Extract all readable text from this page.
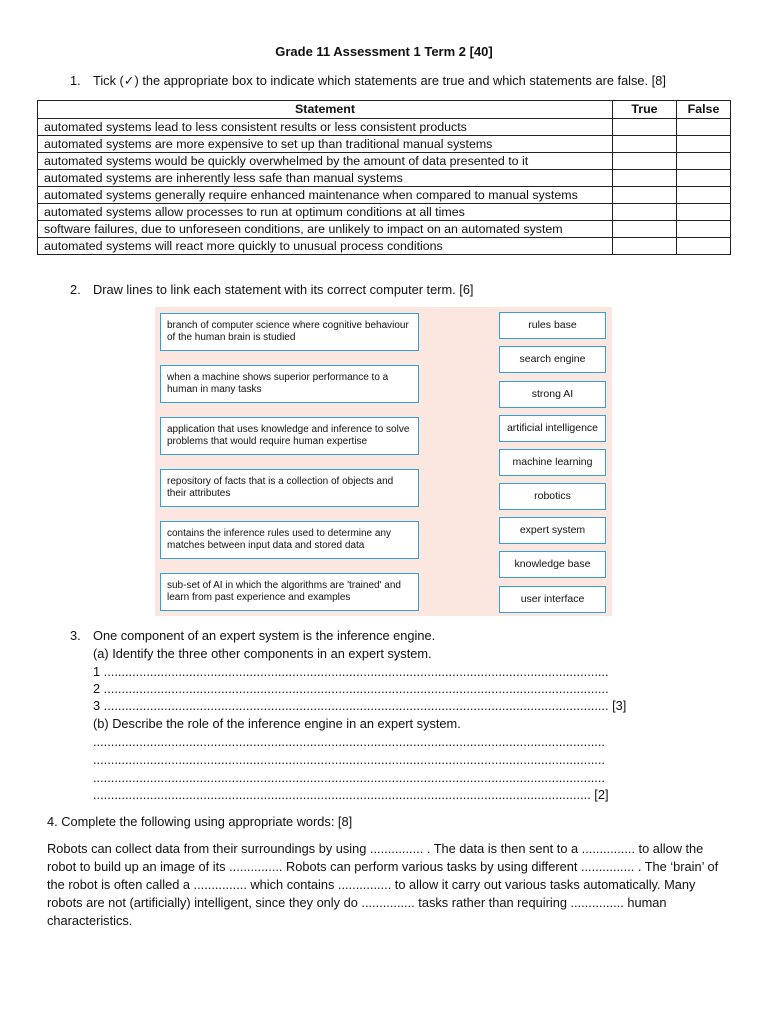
Grade 11 Assessment 1 Term 2 [40]
1. Tick (✓) the appropriate box to indicate which statements are true and which statements are false. [8]
Statement	True	False
automated systems lead to less consistent results or less consistent products		
automated systems are more expensive to set up than traditional manual systems		
automated systems would be quickly overwhelmed by the amount of data presented to it		
automated systems are inherently less safe than manual systems		
automated systems generally require enhanced maintenance when compared to manual systems		
automated systems allow processes to run at optimum conditions at all times		
software failures, due to unforeseen conditions, are unlikely to impact on an automated system		
automated systems will react more quickly to unusual process conditions		
2. Draw lines to link each statement with its correct computer term. [6]
branch of computer science where cognitive behaviour of the human brain is studied
when a machine shows superior performance to a human in many tasks
application that uses knowledge and inference to solve problems that would require human expertise
repository of facts that is a collection of objects and their attributes
contains the inference rules used to determine any matches between input data and stored data
sub-set of AI in which the algorithms are 'trained' and learn from past experience and examples
rules base
search engine
strong AI
artificial intelligence
machine learning
robotics
expert system
knowledge base
user interface
3. One component of an expert system is the inference engine.
(a) Identify the three other components in an expert system.
1 ..............................................................................................................................................
2 ..............................................................................................................................................
3 .............................................................................................................................................. [3]
(b) Describe the role of the inference engine in an expert system.
................................................................................................................................................
................................................................................................................................................
................................................................................................................................................
............................................................................................................................................ [2]
4. Complete the following using appropriate words: [8]
Robots can collect data from their surroundings by using ............... . The data is then sent to a ............... to allow the robot to build up an image of its ............... Robots can perform various tasks by using different ............... . The ‘brain’ of the robot is often called a ............... which contains ............... to allow it carry out various tasks automatically. Many robots are not (artificially) intelligent, since they only do ............... tasks rather than requiring ............... human characteristics.
